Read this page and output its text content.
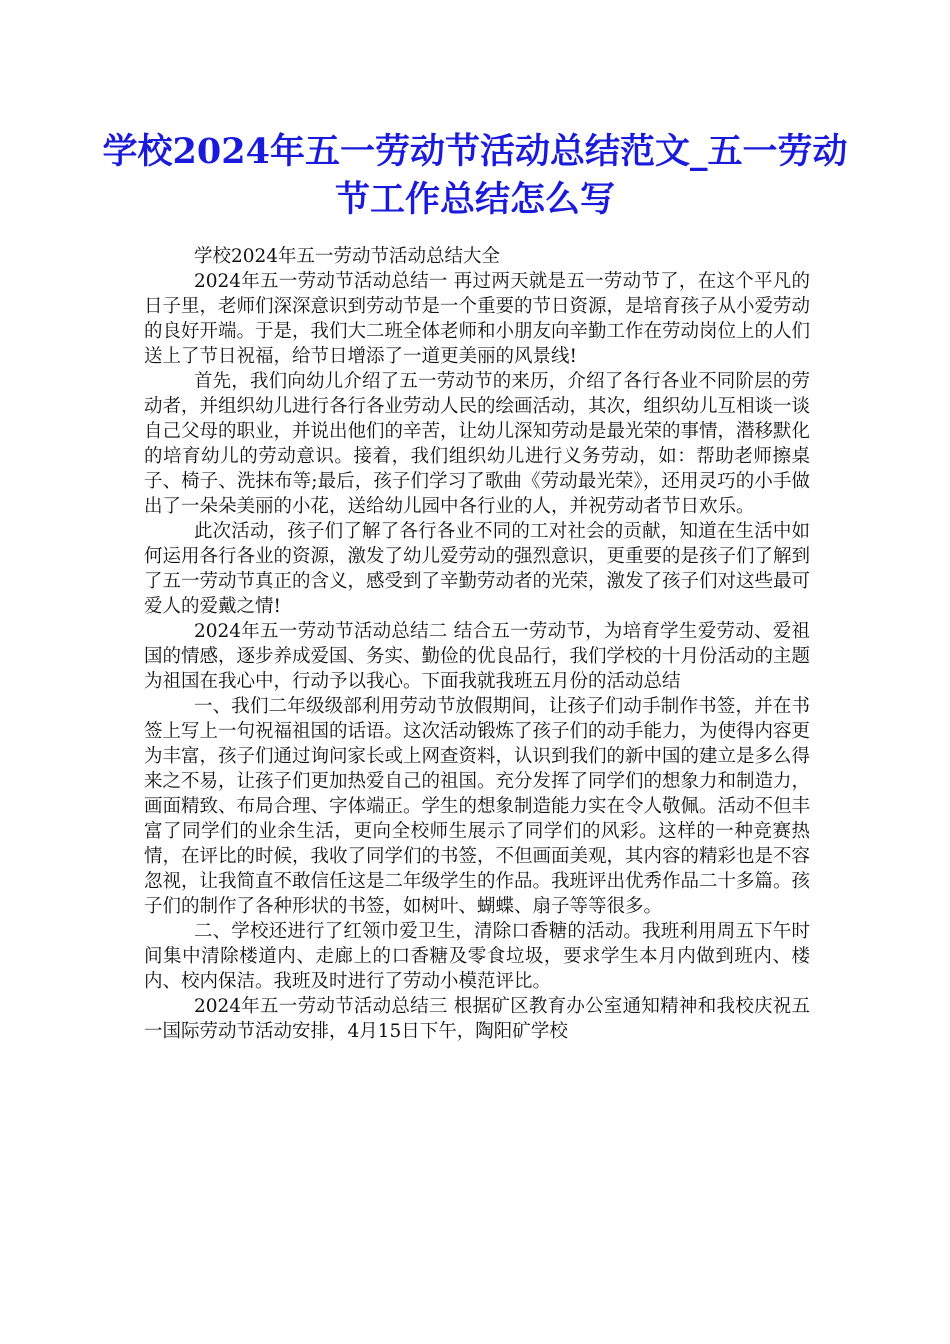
学校2024年五一劳动节活动总结范文_五一劳动节工作总结怎么写

学校2024年五一劳动节活动总结大全

2024年五一劳动节活动总结一 再过两天就是五一劳动节了，在这个平凡的日子里，老师们深深意识到劳动节是一个重要的节日资源，是培育孩子从小爱劳动的良好开端。于是，我们大二班全体老师和小朋友向辛勤工作在劳动岗位上的人们送上了节日祝福，给节日增添了一道更美丽的风景线!

首先，我们向幼儿介绍了五一劳动节的来历，介绍了各行各业不同阶层的劳动者，并组织幼儿进行各行各业劳动人民的绘画活动，其次，组织幼儿互相谈一谈自己父母的职业，并说出他们的辛苦，让幼儿深知劳动是最光荣的事情，潜移默化的培育幼儿的劳动意识。接着，我们组织幼儿进行义务劳动，如：帮助老师擦桌子、椅子、洗抹布等;最后，孩子们学习了歌曲《劳动最光荣》，还用灵巧的小手做出了一朵朵美丽的小花，送给幼儿园中各行业的人，并祝劳动者节日欢乐。

此次活动，孩子们了解了各行各业不同的工对社会的贡献，知道在生活中如何运用各行各业的资源，激发了幼儿爱劳动的强烈意识，更重要的是孩子们了解到了五一劳动节真正的含义，感受到了辛勤劳动者的光荣，激发了孩子们对这些最可爱人的爱戴之情!

2024年五一劳动节活动总结二 结合五一劳动节，为培育学生爱劳动、爱祖国的情感，逐步养成爱国、务实、勤俭的优良品行，我们学校的十月份活动的主题为祖国在我心中，行动予以我心。下面我就我班五月份的活动总结

一、我们二年级级部利用劳动节放假期间，让孩子们动手制作书签，并在书签上写上一句祝福祖国的话语。这次活动锻炼了孩子们的动手能力，为使得内容更为丰富，孩子们通过询问家长或上网查资料，认识到我们的新中国的建立是多么得来之不易，让孩子们更加热爱自己的祖国。充分发挥了同学们的想象力和制造力，画面精致、布局合理、字体端正。学生的想象制造能力实在令人敬佩。活动不但丰富了同学们的业余生活，更向全校师生展示了同学们的风彩。这样的一种竞赛热情，在评比的时候，我收了同学们的书签，不但画面美观，其内容的精彩也是不容忽视，让我简直不敢信任这是二年级学生的作品。我班评出优秀作品二十多篇。孩子们的制作了各种形状的书签，如树叶、蝴蝶、扇子等等很多。

二、学校还进行了红领巾爱卫生，清除口香糖的活动。我班利用周五下午时间集中清除楼道内、走廊上的口香糖及零食垃圾，要求学生本月内做到班内、楼内、校内保洁。我班及时进行了劳动小模范评比。

2024年五一劳动节活动总结三 根据矿区教育办公室通知精神和我校庆祝五一国际劳动节活动安排，4月15日下午，陶阳矿学校
